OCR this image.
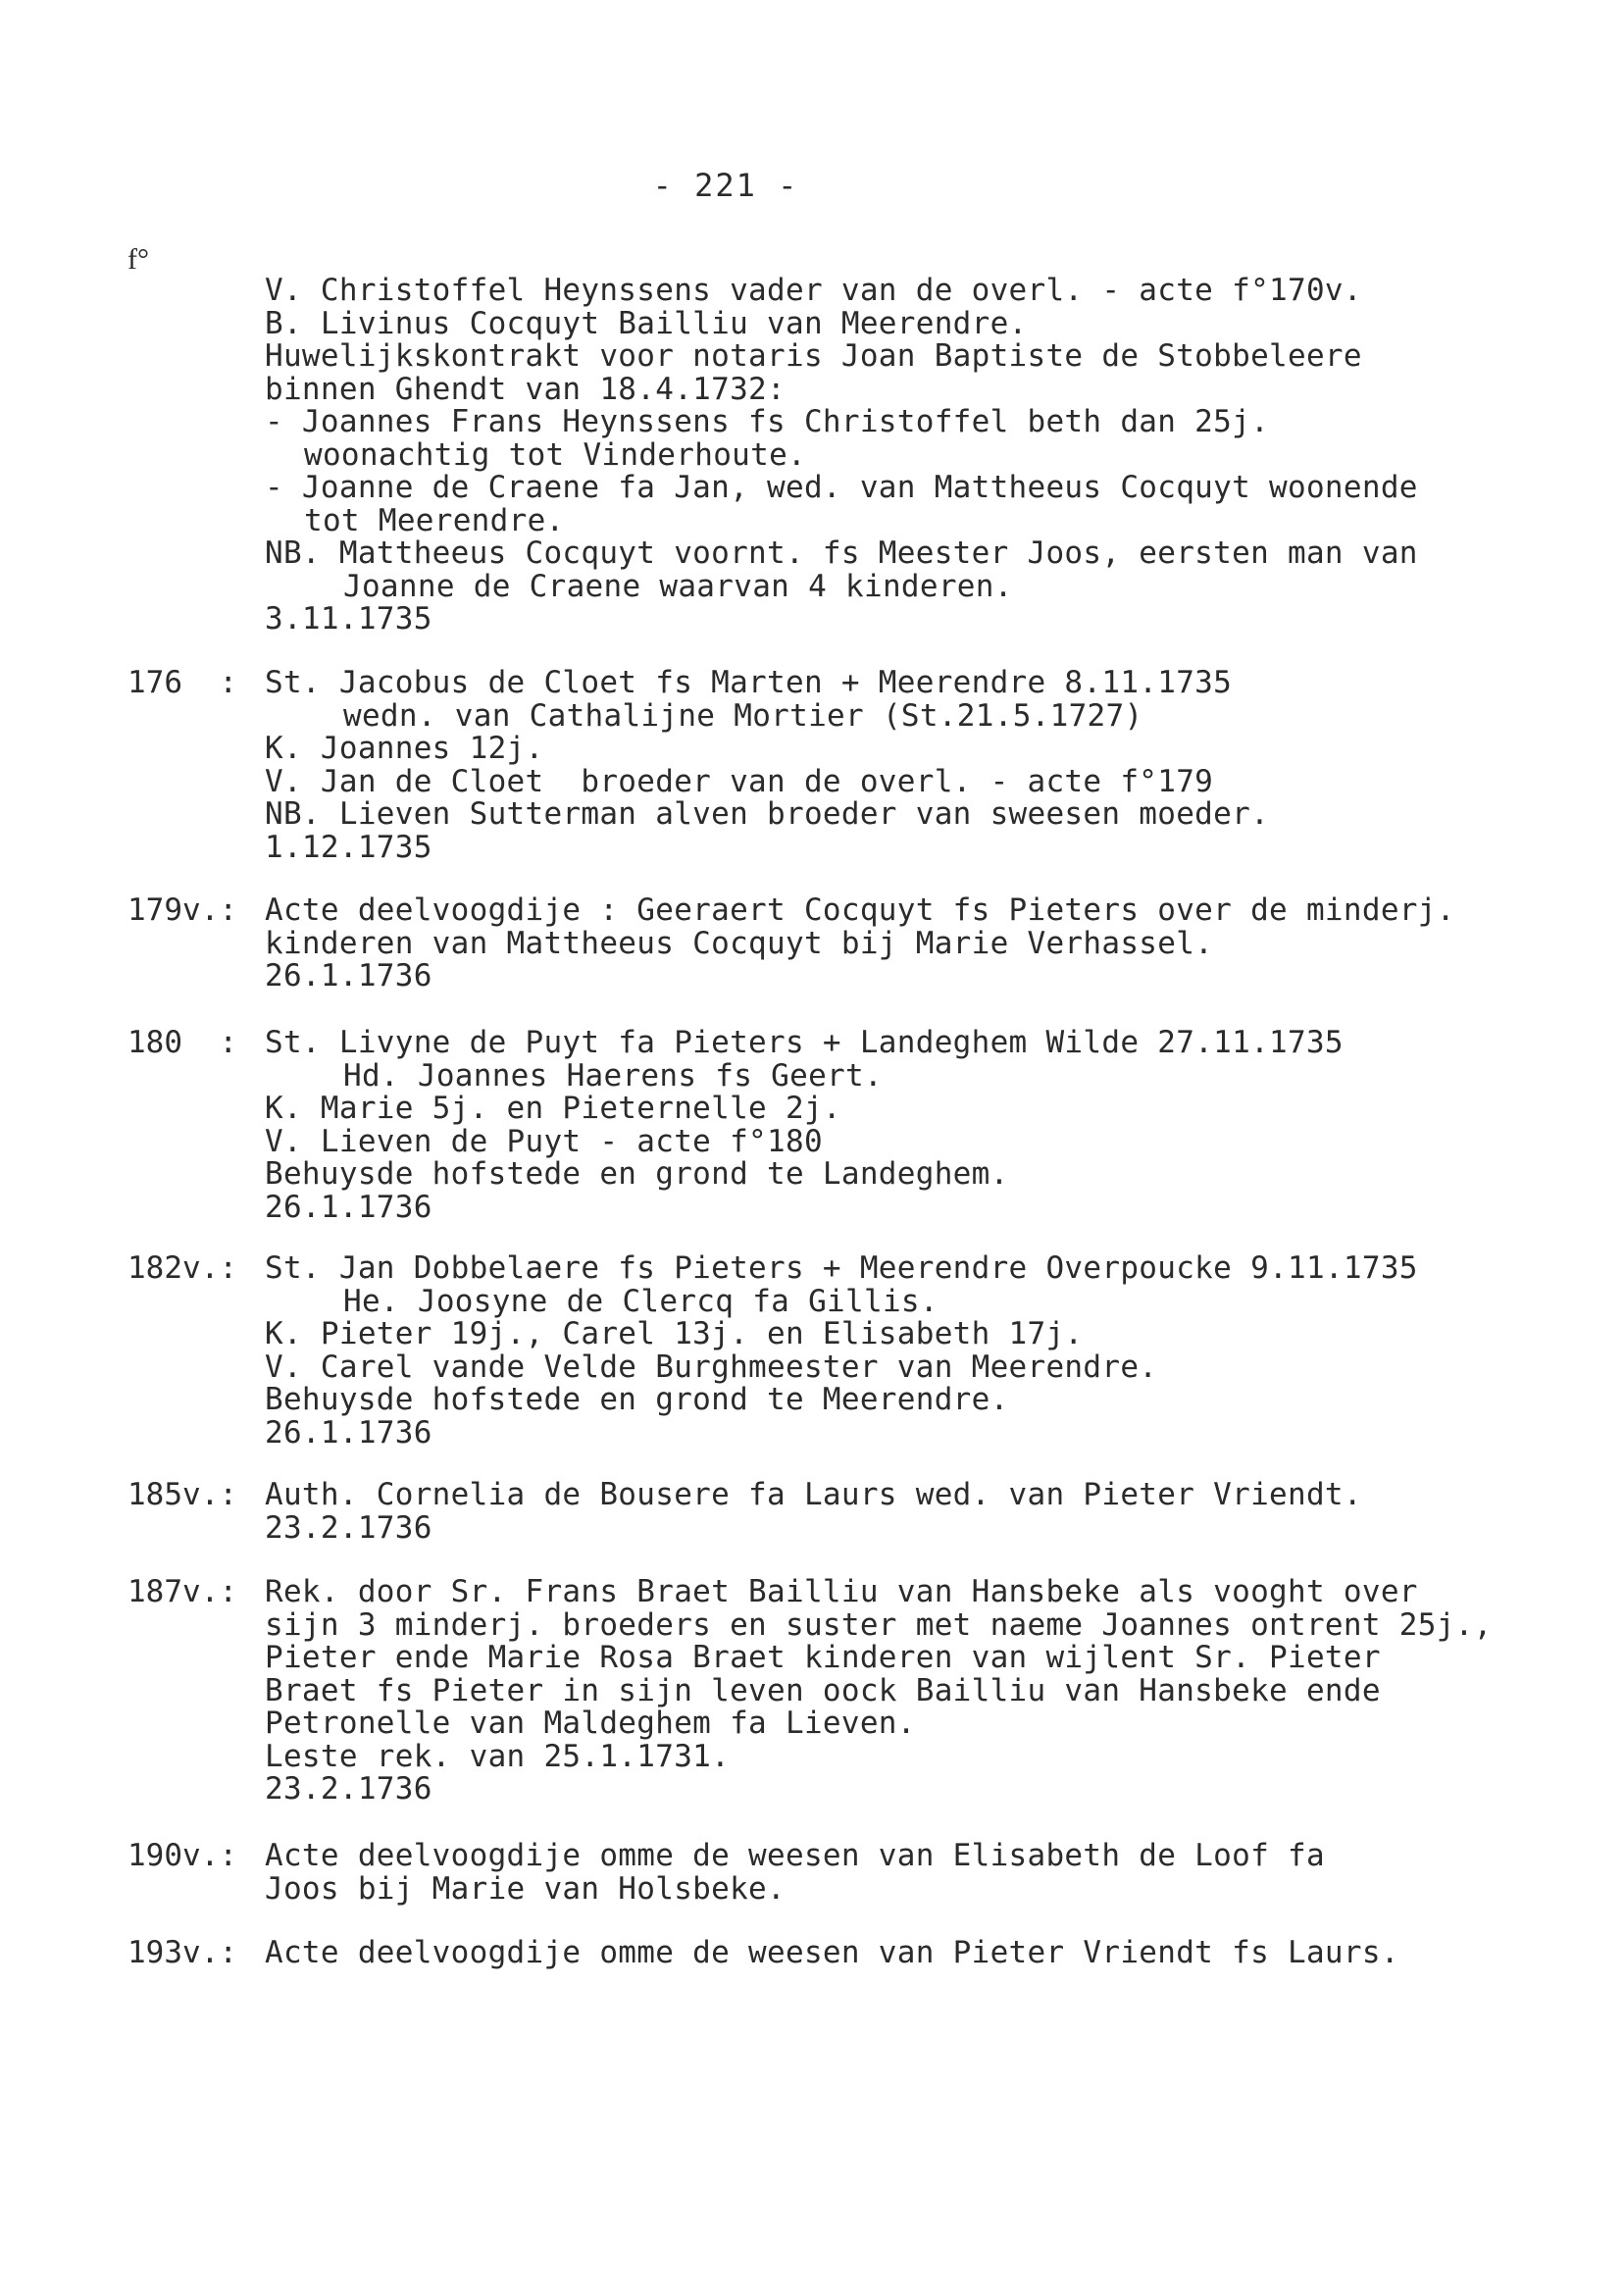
- 221 -
f°
V. Christoffel Heynssens vader van de overl. - acte f°170v.
B. Livinus Cocquyt Bailliu van Meerendre.
Huwelijkskontrakt voor notaris Joan Baptiste de Stobbeleere
binnen Ghendt van 18.4.1732:
- Joannes Frans Heynssens fs Christoffel beth dan 25j.
woonachtig tot Vinderhoute.
- Joanne de Craene fa Jan, wed. van Mattheeus Cocquyt woonende
tot Meerendre.
NB. Mattheeus Cocquyt voornt. fs Meester Joos, eersten man van
Joanne de Craene waarvan 4 kinderen.
3.11.1735
176  : St. Jacobus de Cloet fs Marten + Meerendre 8.11.1735
wedn. van Cathalijne Mortier (St.21.5.1727)
K. Joannes 12j.
V. Jan de Cloet  broeder van de overl. - acte f°179
NB. Lieven Sutterman alven broeder van sweesen moeder.
1.12.1735
179v.: Acte deelvoogdije : Geeraert Cocquyt fs Pieters over de minderj.
kinderen van Mattheeus Cocquyt bij Marie Verhassel.
26.1.1736
180  : St. Livyne de Puyt fa Pieters + Landeghem Wilde 27.11.1735
Hd. Joannes Haerens fs Geert.
K. Marie 5j. en Pieternelle 2j.
V. Lieven de Puyt - acte f°180
Behuysde hofstede en grond te Landeghem.
26.1.1736
182v.: St. Jan Dobbelaere fs Pieters + Meerendre Overpoucke 9.11.1735
He. Joosyne de Clercq fa Gillis.
K. Pieter 19j., Carel 13j. en Elisabeth 17j.
V. Carel vande Velde Burghmeester van Meerendre.
Behuysde hofstede en grond te Meerendre.
26.1.1736
185v.: Auth. Cornelia de Bousere fa Laurs wed. van Pieter Vriendt.
23.2.1736
187v.: Rek. door Sr. Frans Braet Bailliu van Hansbeke als vooght over
sijn 3 minderj. broeders en suster met naeme Joannes ontrent 25j.,
Pieter ende Marie Rosa Braet kinderen van wijlent Sr. Pieter
Braet fs Pieter in sijn leven oock Bailliu van Hansbeke ende
Petronelle van Maldeghem fa Lieven.
Leste rek. van 25.1.1731.
23.2.1736
190v.: Acte deelvoogdije omme de weesen van Elisabeth de Loof fa
Joos bij Marie van Holsbeke.
193v.: Acte deelvoogdije omme de weesen van Pieter Vriendt fs Laurs.
